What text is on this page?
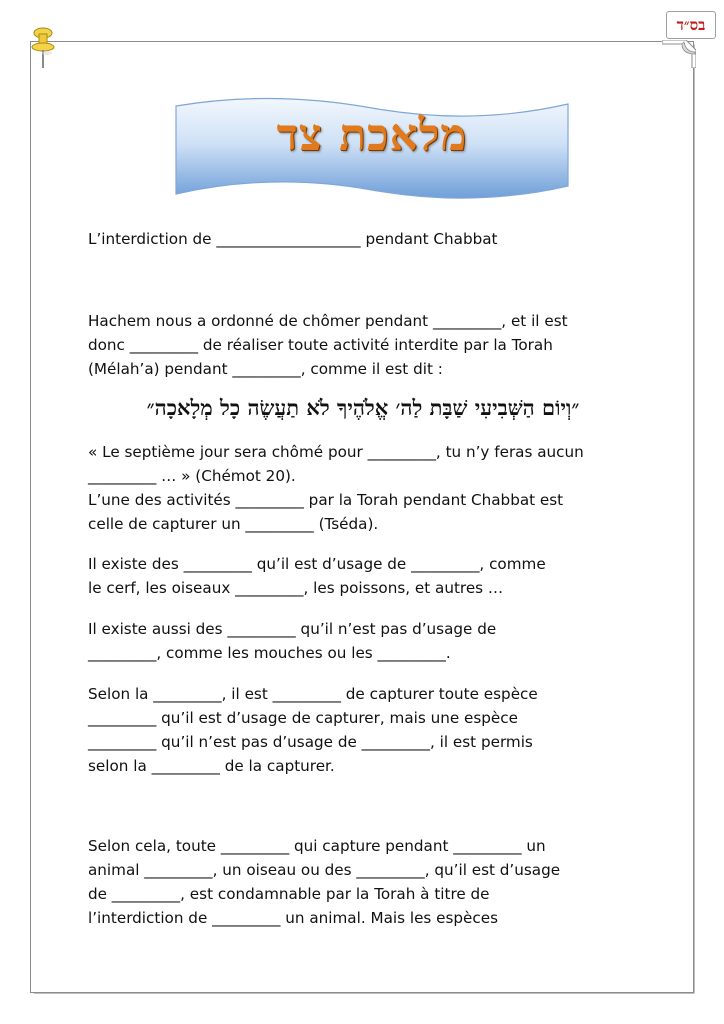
בס״ד
מלאכת צד
L’interdiction de ___________________ pendant Chabbat
Hachem nous a ordonné de chômer pendant _________, et il est
donc _________ de réaliser toute activité interdite par la Torah
(Mélah’a) pendant _________, comme il est dit :
״וְיוֹם הַשְּׁבִיעִי שַׁבָּת לַה׳ אֱלֹהֶיךָ לֹא תַעֲשֶׂה כָל מְלָאכָה״
« Le septième jour sera chômé pour _________, tu n’y feras aucun
_________ … » (Chémot 20).
L’une des activités _________ par la Torah pendant Chabbat est
celle de capturer un _________ (Tséda).
Il existe des _________ qu’il est d’usage de _________, comme
le cerf, les oiseaux _________, les poissons, et autres …
Il existe aussi des _________ qu’il n’est pas d’usage de
_________, comme les mouches ou les _________.
Selon la _________, il est _________ de capturer toute espèce
_________ qu’il est d’usage de capturer, mais une espèce
_________ qu’il n’est pas d’usage de _________, il est permis
selon la _________ de la capturer.
Selon cela, toute _________ qui capture pendant _________ un
animal _________, un oiseau ou des _________, qu’il est d’usage
de _________, est condamnable par la Torah à titre de
l’interdiction de _________ un animal. Mais les espèces
